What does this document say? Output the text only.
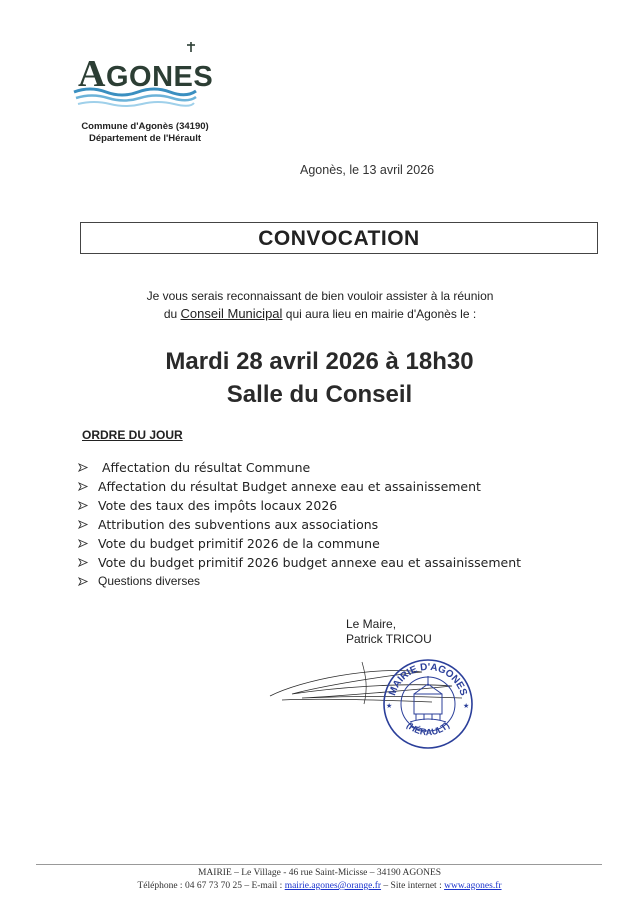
A GONES
Commune d'Agonès (34190)
Département de l'Hérault
Agonès, le 13 avril 2026
CONVOCATION
Je vous serais reconnaissant de bien vouloir assister à la réunion
du Conseil Municipal qui aura lieu en mairie d'Agonès le :
Mardi 28 avril 2026 à 18h30
Salle du Conseil
ORDRE DU JOUR
Affectation du résultat Commune
Affectation du résultat Budget annexe eau et assainissement
Vote des taux des impôts locaux 2026
Attribution des subventions aux associations
Vote du budget primitif 2026 de la commune
Vote du budget primitif 2026 budget annexe eau et assainissement
Questions diverses
Le Maire,
Patrick TRICOU
MAIRIE D'AGONES
(HÉRAULT)
★	★
MAIRIE – Le Village - 46 rue Saint-Micisse – 34190 AGONES
Téléphone : 04 67 73 70 25 – E-mail : mairie.agones@orange.fr – Site internet : www.agones.fr
